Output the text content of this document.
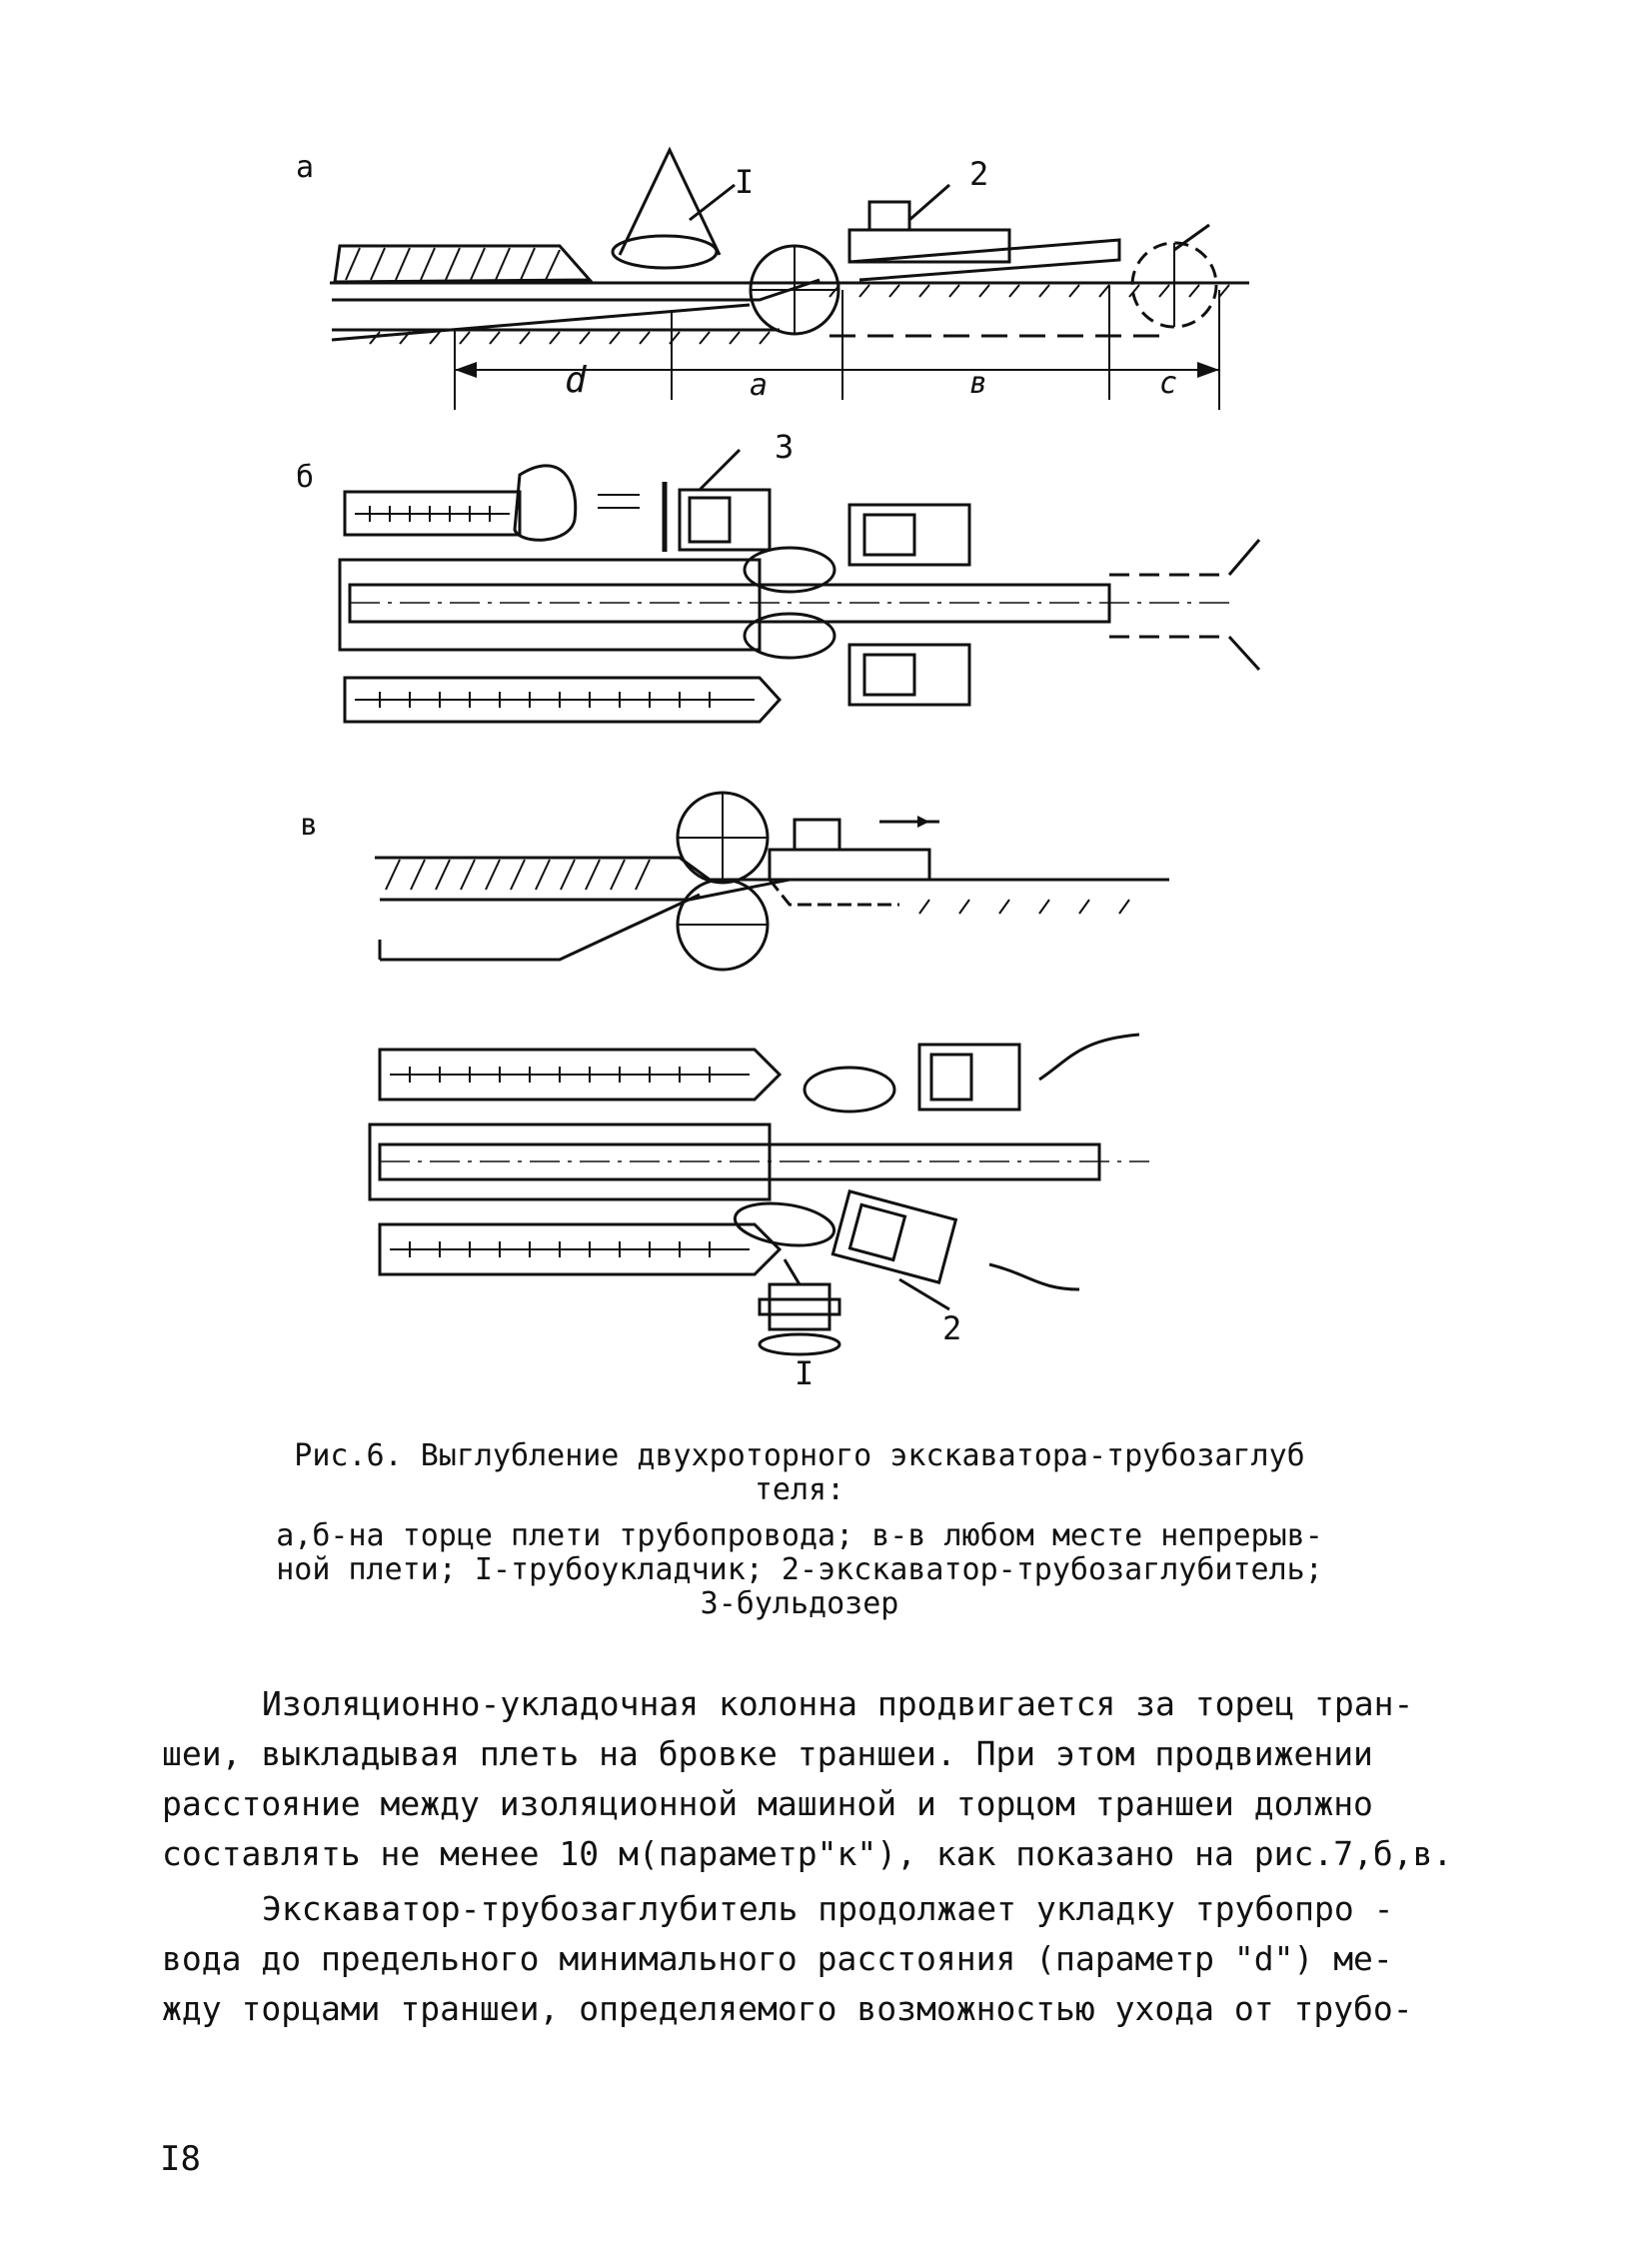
а	I	2
б
3
в
2
I
d	a	в	c
Рис.6. Выглубление двухроторного экскаватора-трубозаглуб
теля:
а,б-на торце плети трубопровода; в-в любом месте непрерыв-
ной плети; I-трубоукладчик; 2-экскаватор-трубозаглубитель;
3-бульдозер
Изоляционно-укладочная колонна продвигается за торец тран-
шеи, выкладывая плеть на бровке траншеи. При этом продвижении
расстояние между изоляционной машиной и торцом траншеи должно
составлять не менее 10 м(параметр"к"), как показано на рис.7,б,в.
Экскаватор-трубозаглубитель продолжает укладку трубопро -
вода до предельного минимального расстояния (параметр "d") ме-
жду торцами траншеи, определяемого возможностью ухода от трубо-
I8
